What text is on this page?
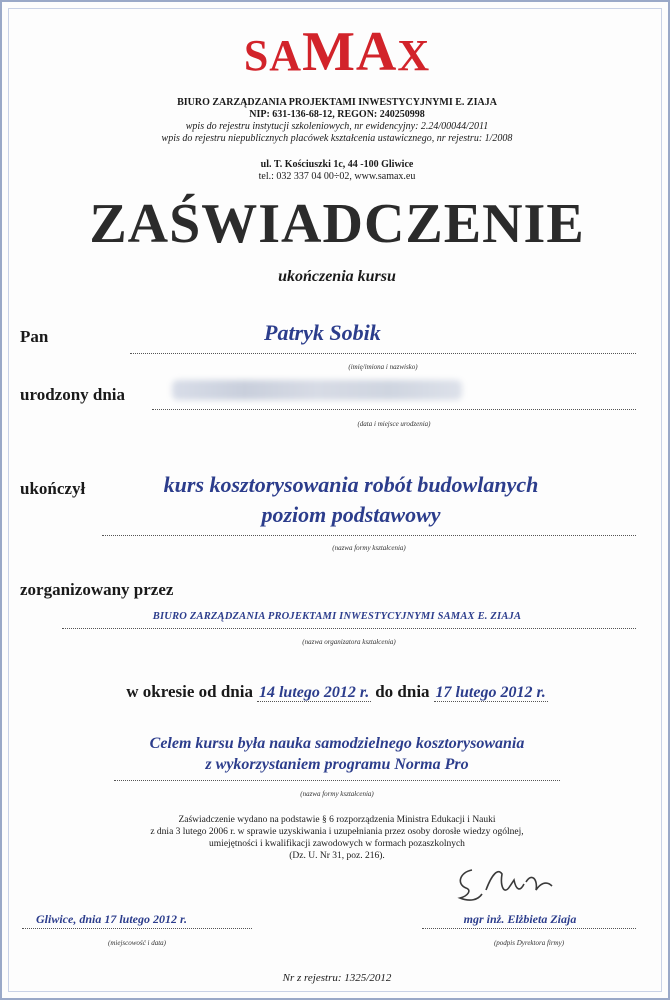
SAMAX
BIURO ZARZĄDZANIA PROJEKTAMI INWESTYCYJNYMI E. ZIAJA
NIP: 631-136-68-12, REGON: 240250998
wpis do rejestru instytucji szkoleniowych, nr ewidencyjny: 2.24/00044/2011
wpis do rejestru niepublicznych placówek kształcenia ustawicznego, nr rejestru: 1/2008
ul. T. Kościuszki 1c, 44 -100 Gliwice
tel.: 032 337 04 00÷02, www.samax.eu
ZAŚWIADCZENIE
ukończenia kursu
Pan	Patryk Sobik
(imię/imiona i nazwisko)
urodzony dnia
(data i miejsce urodzenia)
ukończył	kurs kosztorysowania robót budowlanych
poziom podstawowy
(nazwa formy kształcenia)
zorganizowany przez
BIURO ZARZĄDZANIA PROJEKTAMI INWESTYCYJNYMI SAMAX E. ZIAJA
(nazwa organizatora kształcenia)
w okresie od dnia 14 lutego 2012 r. do dnia 17 lutego 2012 r.
Celem kursu była nauka samodzielnego kosztorysowania
z wykorzystaniem programu Norma Pro
(nazwa formy kształcenia)
Zaświadczenie wydano na podstawie § 6 rozporządzenia Ministra Edukacji i Nauki
z dnia 3 lutego 2006 r. w sprawie uzyskiwania i uzupełniania przez osoby dorosłe wiedzy ogólnej,
umiejętności i kwalifikacji zawodowych w formach pozaszkolnych
(Dz. U. Nr 31, poz. 216).
Gliwice, dnia 17 lutego 2012 r.
(miejscowość i data)
mgr inż. Elżbieta Ziaja
(podpis Dyrektora firmy)
Nr z rejestru: 1325/2012
